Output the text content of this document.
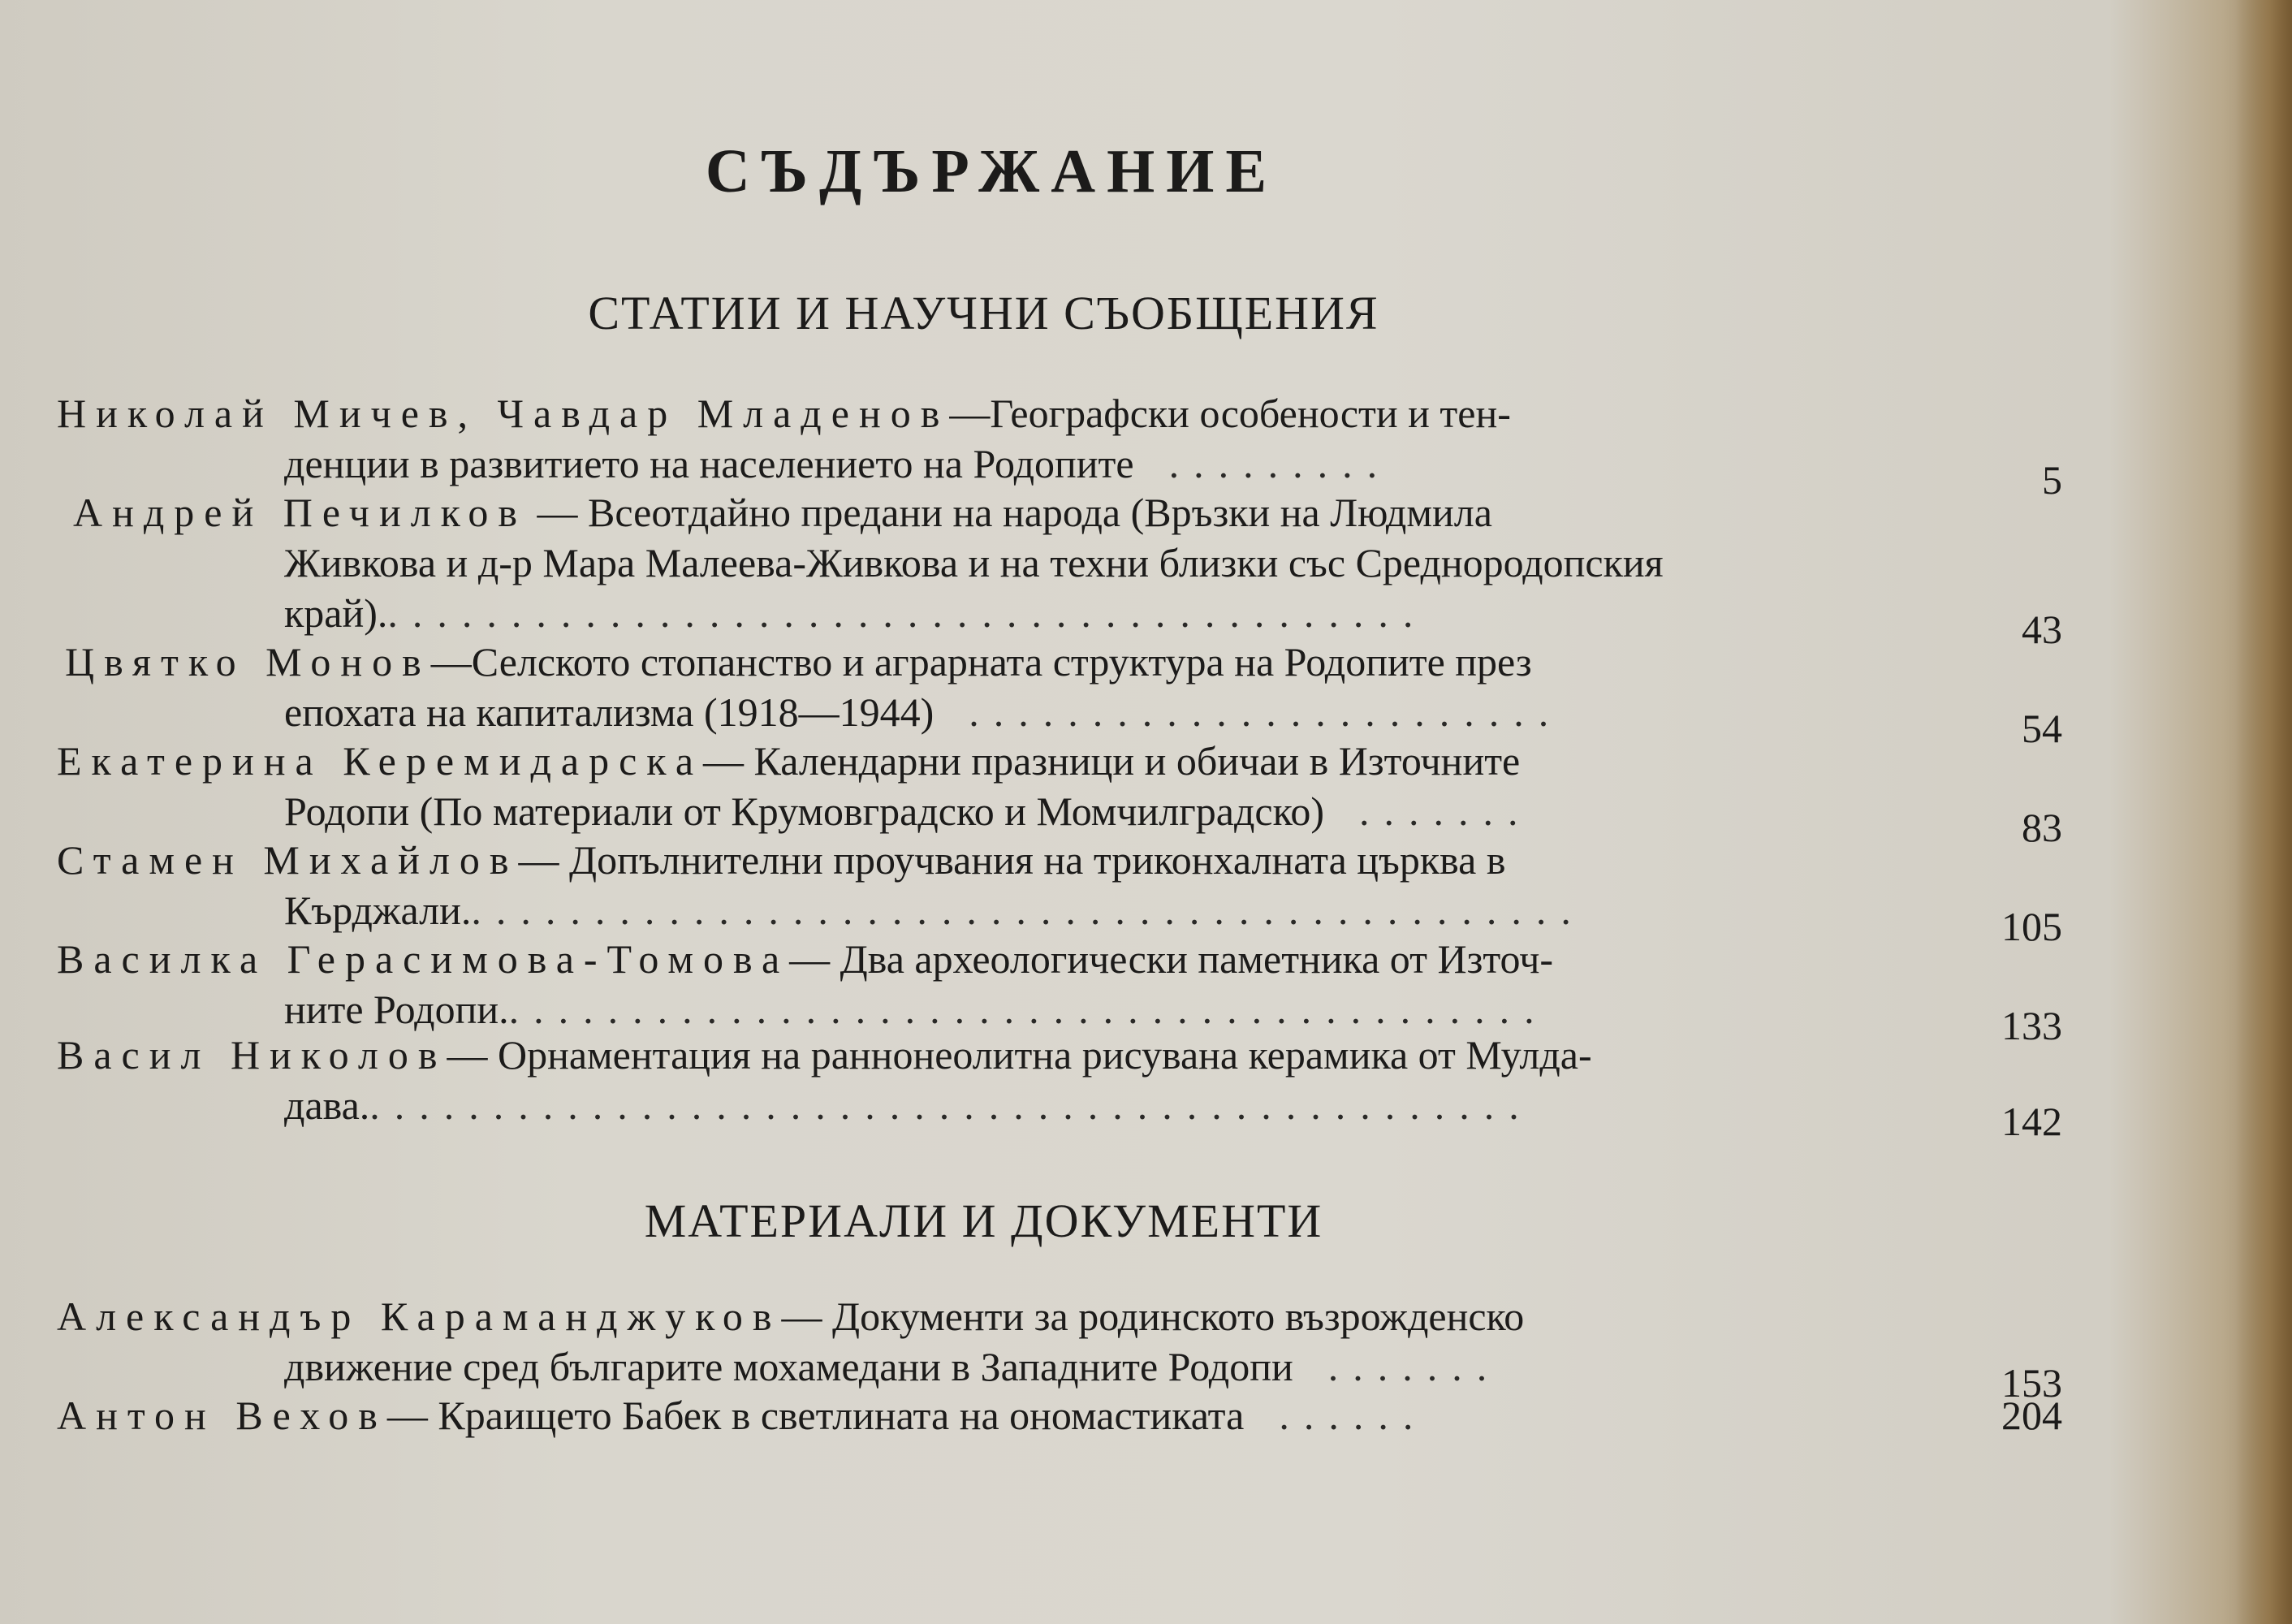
СЪДЪРЖАНИЕ
СТАТИИ И НАУЧНИ СЪОБЩЕНИЯ
Николай Мичев, Чавдар Младенов—Географски особености и тен-
денции в развитието на населението на Родопите  .........	5
Андрей Печилков — Всеотдайно предани на народа (Връзки на Людмила
Живкова и д-р Мара Малеева-Живкова и на техни близки със Среднородопския
край)...........................................	43
Цвятко Монов—Селското стопанство и аграрната структура на Родопите през
епохата на капитализма (1918—1944)  ........................	54
Екатерина Керемидарска— Календарни празници и обичаи в Източните
Родопи (По материали от Крумовградско и Момчилградско)  .......	83
Стамен Михайлов— Допълнителни проучвания на триконхалната църква в
Кърджали..............................................	105
Василка Герасимова-Томова— Два археологически паметника от Източ-
ните Родопи...........................................	133
Васил Николов— Орнаментация на раннонеолитна рисувана керамика от Мулда-
дава................................................	142
МАТЕРИАЛИ И ДОКУМЕНТИ
Александър Караманджуков— Документи за родинското възрожденско
движение сред българите мохамедани в Западните Родопи  .......	153
Антон Вехов— Краището Бабек в светлината на ономастиката  ......	204
